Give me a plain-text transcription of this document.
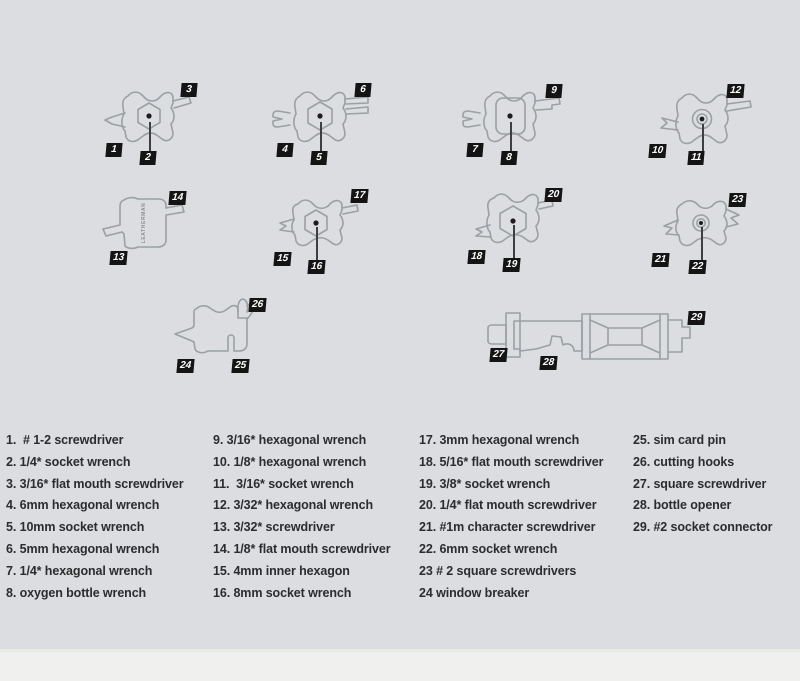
LEATHERMAN
1
2
3
4
5
6
7
8
9
10
11
12
13
14
15
16
17
18
19
20
21
22
23
24	25
26
27
28
29
1.  # 1-2 screwdriver
2. 1/4* socket wrench
3. 3/16* flat mouth screwdriver
4. 6mm hexagonal wrench
5. 10mm socket wrench
6. 5mm hexagonal wrench
7. 1/4* hexagonal wrench
8. oxygen bottle wrench
9. 3/16* hexagonal wrench
10. 1/8* hexagonal wrench
11.  3/16* socket wrench
12. 3/32* hexagonal wrench
13. 3/32* screwdriver
14. 1/8* flat mouth screwdriver
15. 4mm inner hexagon
16. 8mm socket wrench
17. 3mm hexagonal wrench
18. 5/16* flat mouth screwdriver
19. 3/8* socket wrench
20. 1/4* flat mouth screwdriver
21. #1m character screwdriver
22. 6mm socket wrench
23 # 2 square screwdrivers
24 window breaker
25. sim card pin
26. cutting hooks
27. square screwdriver
28. bottle opener
29. #2 socket connector
